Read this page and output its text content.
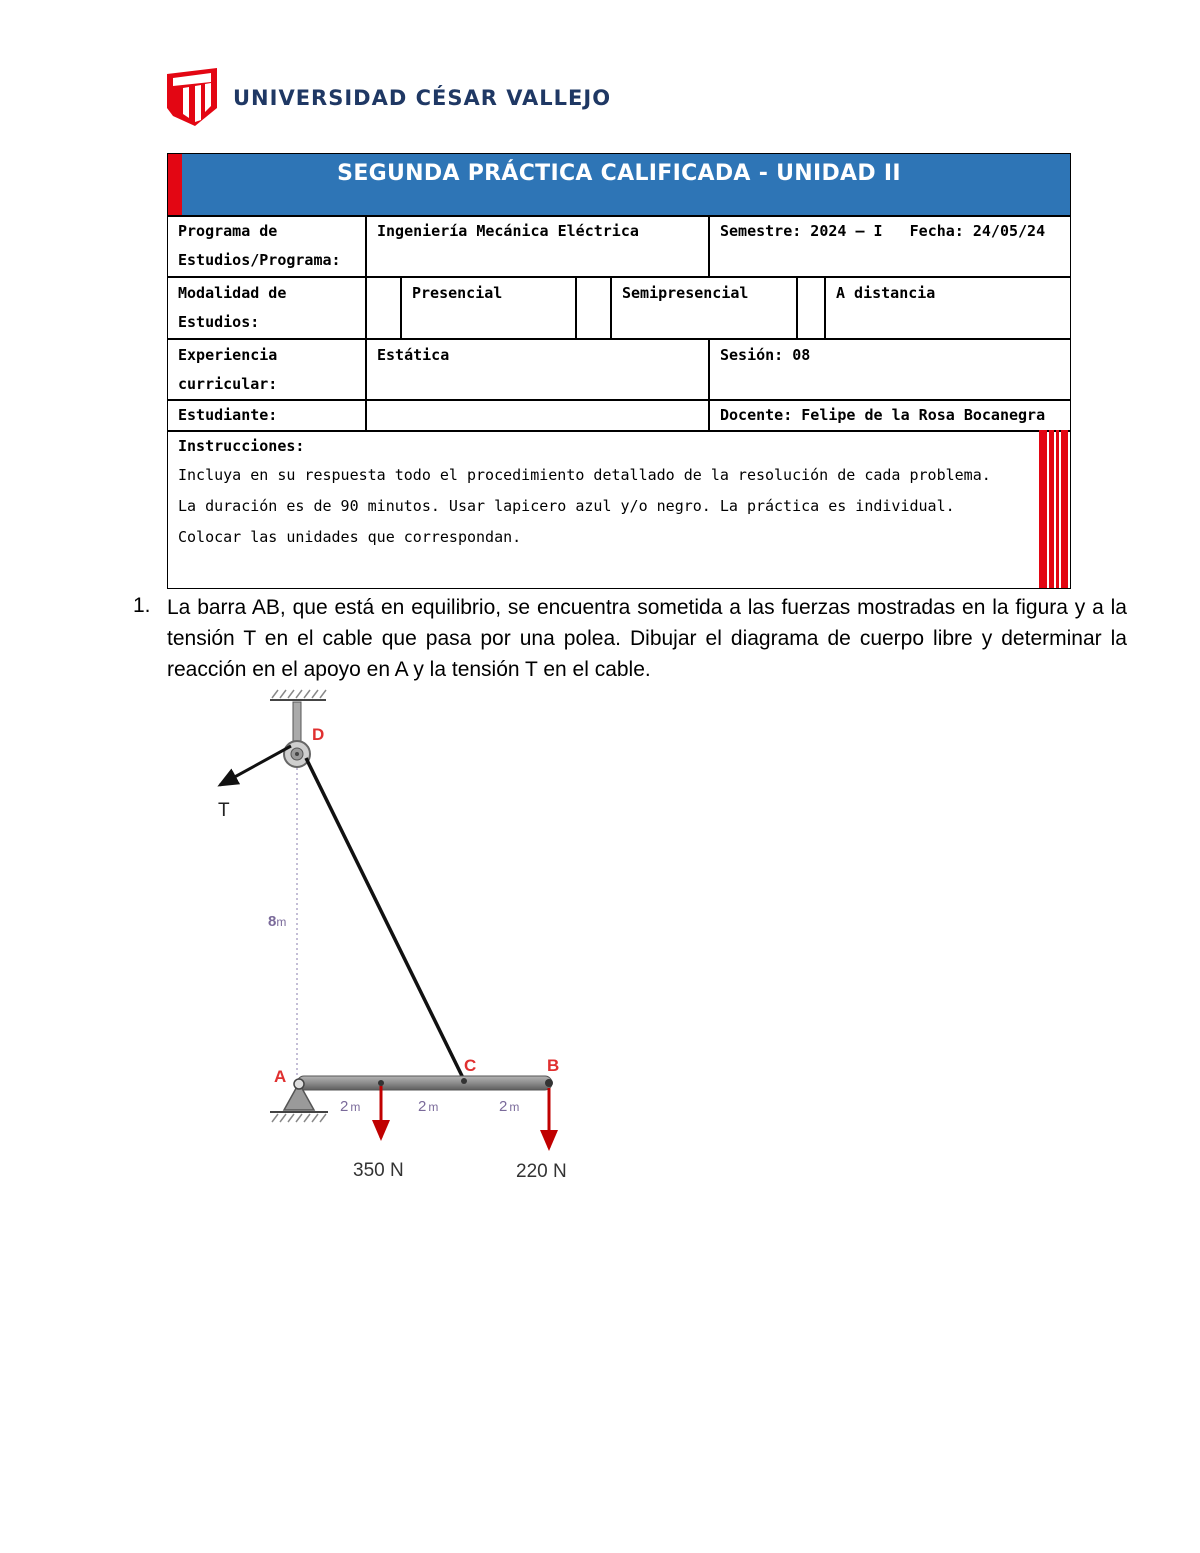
UNIVERSIDAD CÉSAR VALLEJO
SEGUNDA PRÁCTICA CALIFICADA - UNIDAD II
Programa de
Estudios/Programa:
Ingeniería Mecánica Eléctrica	Semestre: 2024 – I Fecha: 24/05/24
Modalidad de
Estudios:
Presencial	Semipresencial	A distancia
Experiencia
curricular:
Estática	Sesión: 08
Estudiante:	Docente: Felipe de la Rosa Bocanegra
Instrucciones:
Incluya en su respuesta todo el procedimiento detallado de la resolución de cada problema.
La duración es de 90 minutos. Usar lapicero azul y/o negro. La práctica es individual.
Colocar las unidades que correspondan.
1. La barra AB, que está en equilibrio, se encuentra sometida a las fuerzas mostradas en la figura y a la tensión T en el cable que pasa por una polea. Dibujar el diagrama de cuerpo libre y determinar la reacción en el apoyo en A y la tensión T en el cable.
D
T
8m
A
C	B
2 m	2 m	2 m
350 N	220 N
